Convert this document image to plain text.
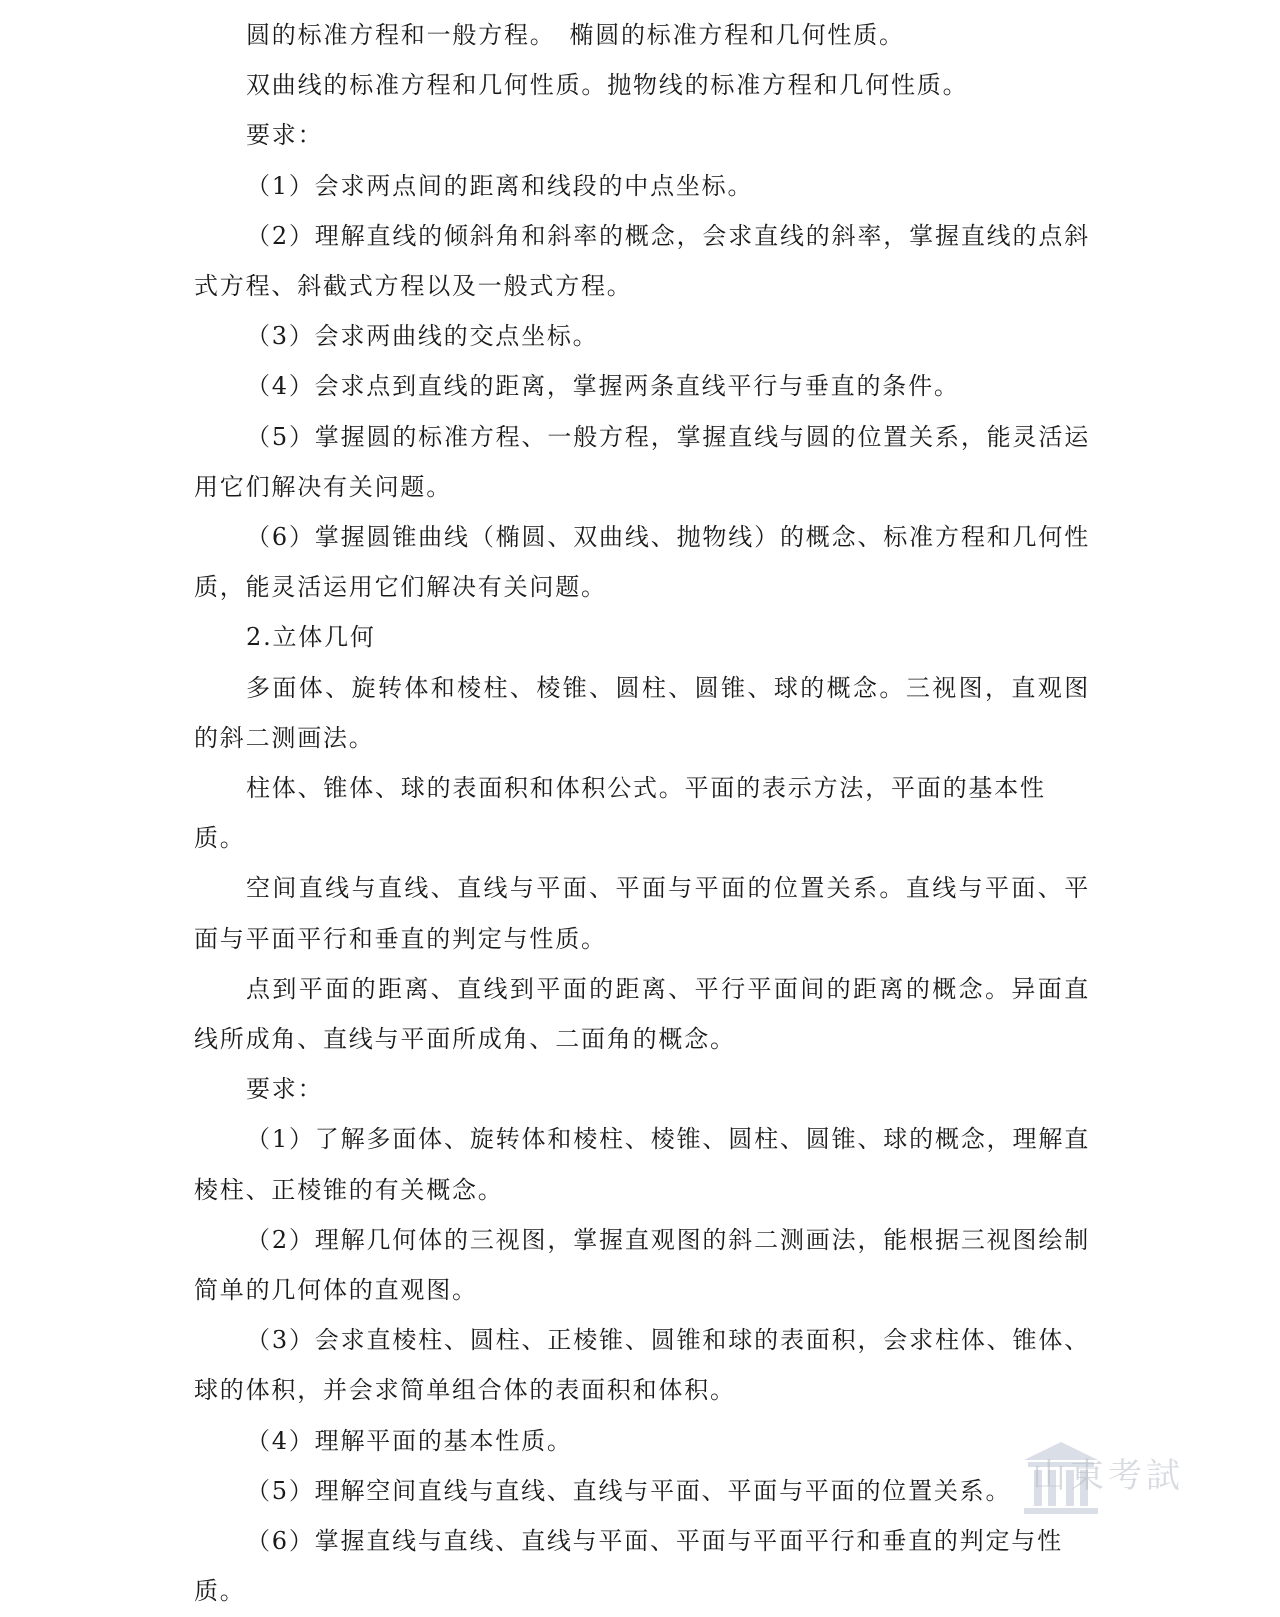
圆的标准方程和一般方程。　椭圆的标准方程和几何性质。

双曲线的标准方程和几何性质。抛物线的标准方程和几何性质。

要求：

（1）会求两点间的距离和线段的中点坐标。

（2）理解直线的倾斜角和斜率的概念，会求直线的斜率，掌握直线的点斜式方程、斜截式方程以及一般式方程。

（3）会求两曲线的交点坐标。

（4）会求点到直线的距离，掌握两条直线平行与垂直的条件。

（5）掌握圆的标准方程、一般方程，掌握直线与圆的位置关系，能灵活运用它们解决有关问题。

（6）掌握圆锥曲线（椭圆、双曲线、抛物线）的概念、标准方程和几何性质，能灵活运用它们解决有关问题。

2.立体几何

多面体、旋转体和棱柱、棱锥、圆柱、圆锥、球的概念。三视图，直观图的斜二测画法。

柱体、锥体、球的表面积和体积公式。平面的表示方法，平面的基本性质。

空间直线与直线、直线与平面、平面与平面的位置关系。直线与平面、平面与平面平行和垂直的判定与性质。

点到平面的距离、直线到平面的距离、平行平面间的距离的概念。异面直线所成角、直线与平面所成角、二面角的概念。

要求：

（1）了解多面体、旋转体和棱柱、棱锥、圆柱、圆锥、球的概念，理解直棱柱、正棱锥的有关概念。

（2）理解几何体的三视图，掌握直观图的斜二测画法，能根据三视图绘制简单的几何体的直观图。

（3）会求直棱柱、圆柱、正棱锥、圆锥和球的表面积，会求柱体、锥体、球的体积，并会求简单组合体的表面积和体积。

（4）理解平面的基本性质。

（5）理解空间直线与直线、直线与平面、平面与平面的位置关系。

（6）掌握直线与直线、直线与平面、平面与平面平行和垂直的判定与性质。

山東考試
